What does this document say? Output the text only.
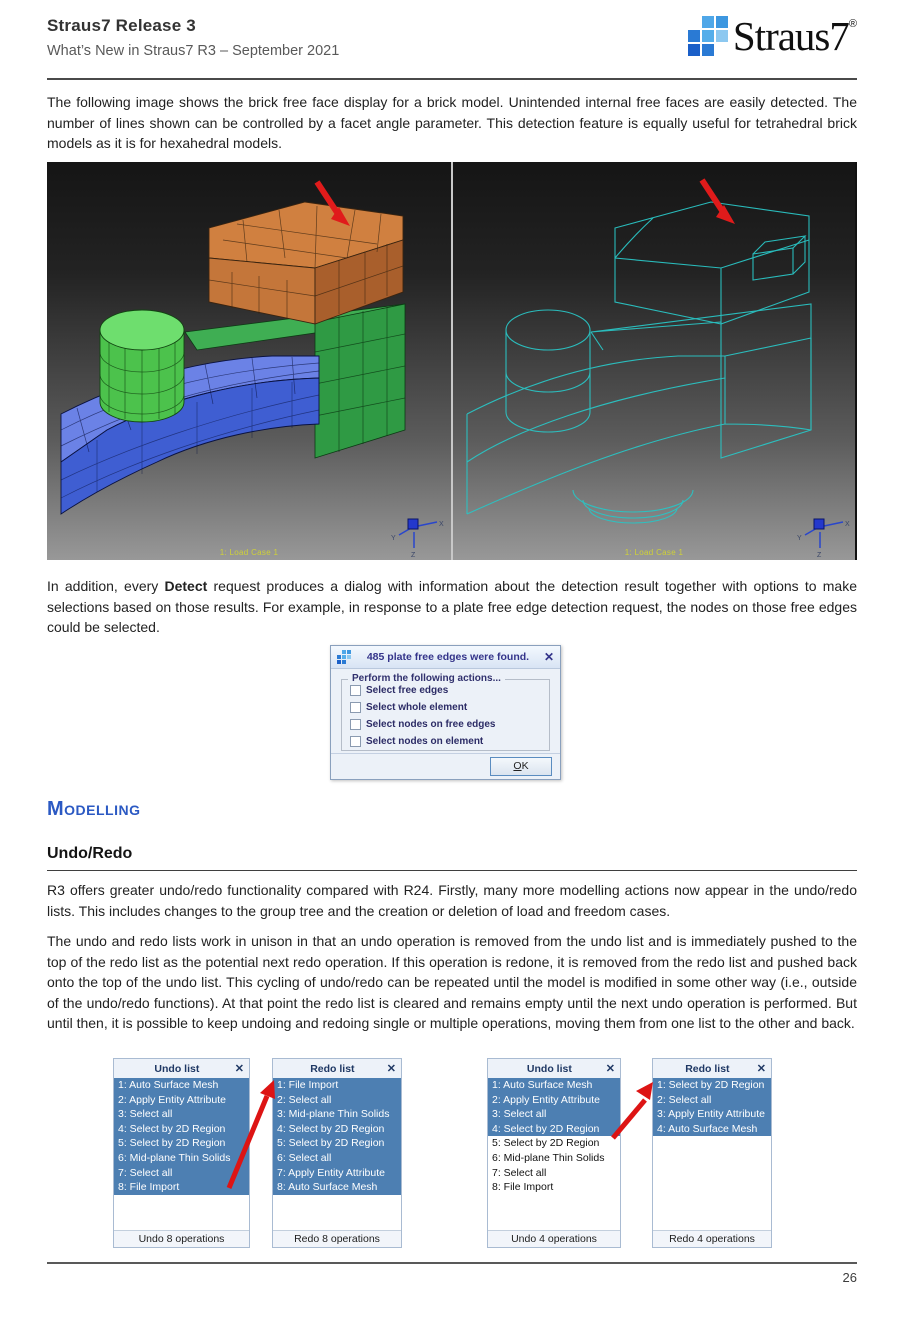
Straus7 Release 3
What’s New in Straus7 R3 – September 2021	Straus7 ®
The following image shows the brick free face display for a brick model. Unintended internal free faces are easily detected. The number of lines shown can be controlled by a facet angle parameter. This detection feature is equally useful for tetrahedral brick models as it is for hexahedral models.
X
Y
Z
1: Load Case 1
X
Y
Z
1: Load Case 1
In addition, every Detect request produces a dialog with information about the detection result together with options to make selections based on those results. For example, in response to a plate free edge detection request, the nodes on those free edges could be selected.
485 plate free edges were found.	✕
Perform the following actions...
Select free edges
Select whole element
Select nodes on free edges
Select nodes on element
OK
Modelling
Undo/Redo
R3 offers greater undo/redo functionality compared with R24. Firstly, many more modelling actions now appear in the undo/redo lists. This includes changes to the group tree and the creation or deletion of load and freedom cases.
The undo and redo lists work in unison in that an undo operation is removed from the undo list and is immediately pushed to the top of the redo list as the potential next redo operation. If this operation is redone, it is removed from the redo list and pushed back onto the top of the undo list. This cycling of undo/redo can be repeated until the model is modified in some other way (i.e., outside of the undo/redo functions). At that point the redo list is cleared and remains empty until the next undo operation is performed. But until then, it is possible to keep undoing and redoing single or multiple operations, moving them from one list to the other and back.
Undo list	✕
1: Auto Surface Mesh
2: Apply Entity Attribute
3: Select all
4: Select by 2D Region
5: Select by 2D Region
6: Mid-plane Thin Solids
7: Select all
8: File Import
Undo 8 operations
Redo list	✕
1: File Import
2: Select all
3: Mid-plane Thin Solids
4: Select by 2D Region
5: Select by 2D Region
6: Select all
7: Apply Entity Attribute
8: Auto Surface Mesh
Redo 8 operations
Undo list	✕
1: Auto Surface Mesh
2: Apply Entity Attribute
3: Select all
4: Select by 2D Region
5: Select by 2D Region
6: Mid-plane Thin Solids
7: Select all
8: File Import
Undo 4 operations
Redo list	✕
1: Select by 2D Region
2: Select all
3: Apply Entity Attribute
4: Auto Surface Mesh
Redo 4 operations
26
